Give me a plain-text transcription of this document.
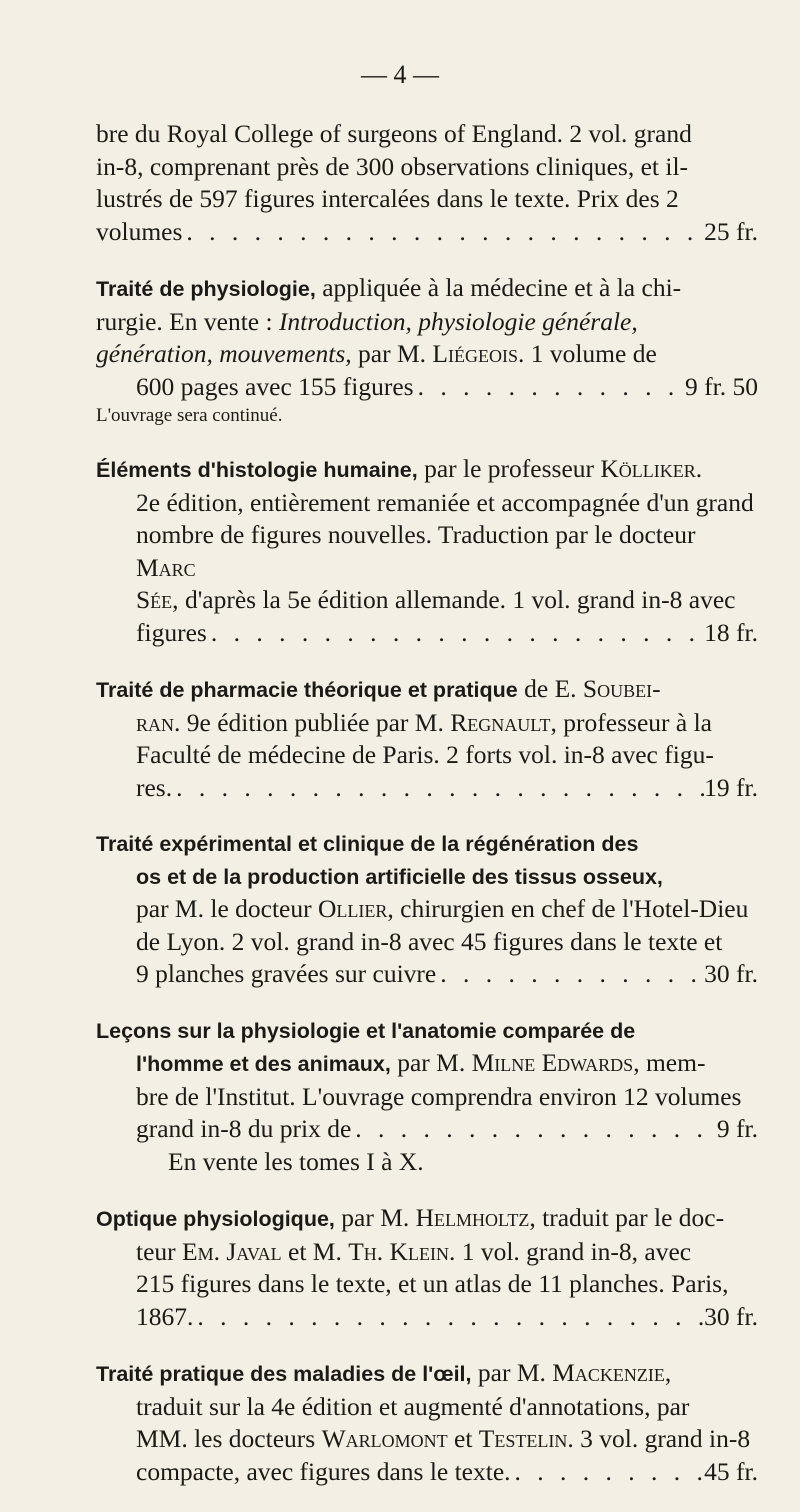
— 4 —

bre du Royal College of surgeons of England. 2 vol. grand

in-8, comprenant près de 300 observations cliniques, et il-

lustrés de 597 figures intercalées dans le texte. Prix des 2

volumes . . .	25 fr.

Traité de physiologie, appliquée à la médecine et à la chi-

rurgie. En vente : Introduction, physiologie générale,

génération, mouvements, par M. Liégeois. 1 volume de

600 pages avec 155 figures . . .	9 fr. 50

L'ouvrage sera continué.

Éléments d'histologie humaine, par le professeur Kölliker.

2e édition, entièrement remaniée et accompagnée d'un grand

nombre de figures nouvelles. Traduction par le docteur Marc

Sée, d'après la 5e édition allemande. 1 vol. grand in-8 avec

figures . . .	18 fr.

Traité de pharmacie théorique et pratique de E. Soubei-

ran. 9e édition publiée par M. Regnault, professeur à la

Faculté de médecine de Paris. 2 forts vol. in-8 avec figu-

res. . . .	19 fr.

Traité expérimental et clinique de la régénération des

os et de la production artificielle des tissus osseux,

par M. le docteur Ollier, chirurgien en chef de l'Hotel-Dieu

de Lyon. 2 vol. grand in-8 avec 45 figures dans le texte et

9 planches gravées sur cuivre . . .	30 fr.

Leçons sur la physiologie et l'anatomie comparée de

l'homme et des animaux, par M. Milne Edwards, mem-

bre de l'Institut. L'ouvrage comprendra environ 12 volumes

grand in-8 du prix de . . .	9 fr.

En vente les tomes I à X.

Optique physiologique, par M. Helmholtz, traduit par le doc-

teur Em. Javal et M. Th. Klein. 1 vol. grand in-8, avec

215 figures dans le texte, et un atlas de 11 planches. Paris,

1867. . . .	30 fr.

Traité pratique des maladies de l'œil, par M. Mackenzie,

traduit sur la 4e édition et augmenté d'annotations, par

MM. les docteurs Warlomont et Testelin. 3 vol. grand in-8

compacte, avec figures dans le texte. . . .	45 fr.
